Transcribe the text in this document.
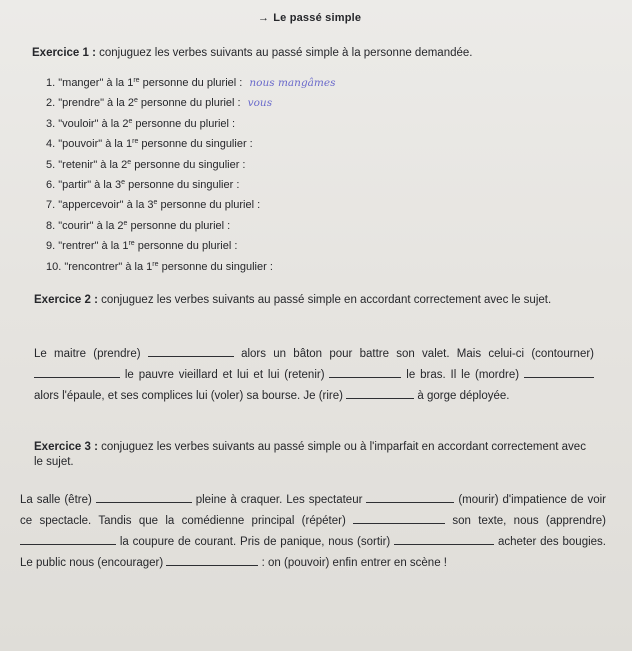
→ Le passé simple
Exercice 1 : conjuguez les verbes suivants au passé simple à la personne demandée.
1. "manger" à la 1re personne du pluriel : nous mangâmes
2. "prendre" à la 2e personne du pluriel : vous
3. "vouloir" à la 2e personne du pluriel :
4. "pouvoir" à la 1re personne du singulier :
5. "retenir" à la 2e personne du singulier :
6. "partir" à la 3e personne du singulier :
7. "appercevoir" à la 3e personne du pluriel :
8. "courir" à la 2e personne du pluriel :
9. "rentrer" à la 1re personne du pluriel :
10. "rencontrer" à la 1re personne du singulier :
Exercice 2 : conjuguez les verbes suivants au passé simple en accordant correctement avec le sujet.
Le maitre (prendre)	alors un bâton pour battre son valet. Mais celui-ci (contourner)  le pauvre vieillard et lui et lui (retenir)	le bras. Il le (mordre)  alors l'épaule, et ses complices lui (voler) sa bourse. Je (rire)	à gorge déployée.
Exercice 3 : conjuguez les verbes suivants au passé simple ou à l'imparfait en accordant correctement avec le sujet.
La salle (être)	pleine à craquer. Les spectateur	(mourir) d'impatience de voir ce spectacle. Tandis que la comédienne principal (répéter)	son texte, nous (apprendre)  la coupure de courant. Pris de panique, nous (sortir)	acheter des bougies. Le public nous (encourager)	: on (pouvoir) enfin entrer en scène !
